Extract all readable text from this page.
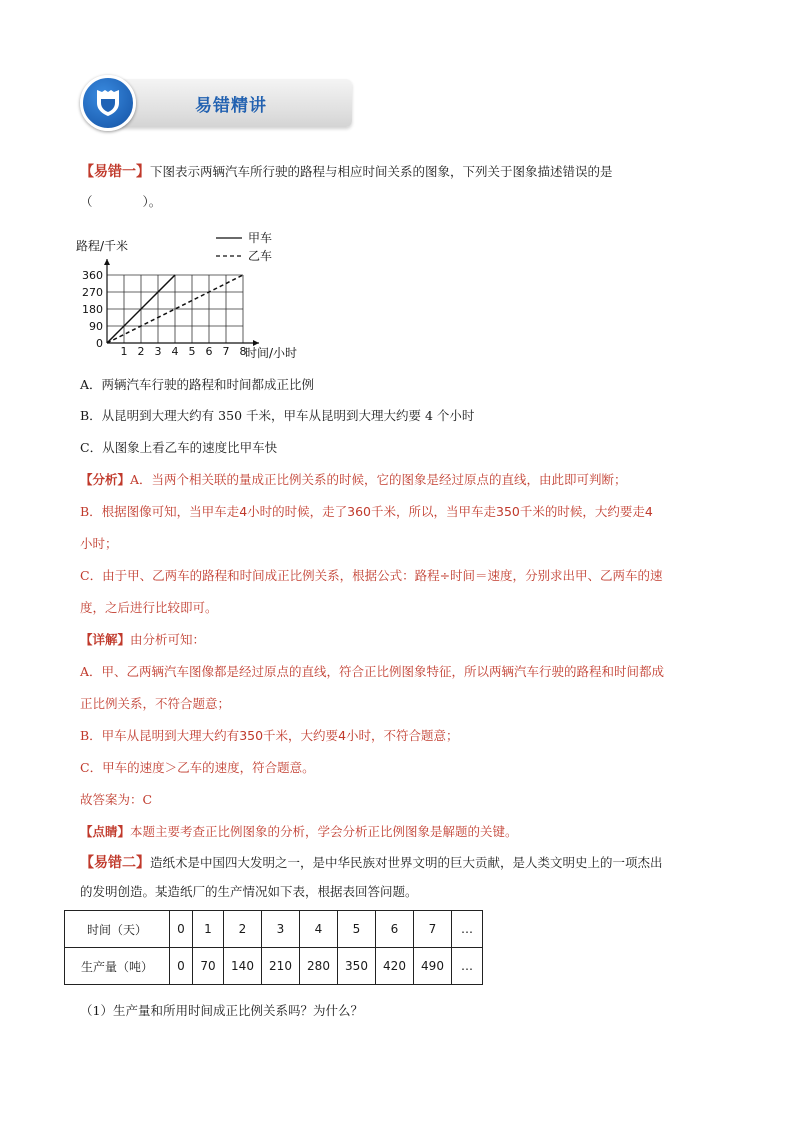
易错精讲
【易错一】下图表示两辆汽车所行驶的路程与相应时间关系的图象，下列关于图象描述错误的是
（　　　　）。
1 2 3 4 5 6 7 8
90
180
270
360
0
路程/千米
时间/小时
甲车
乙车
A．两辆汽车行驶的路程和时间都成正比例
B．从昆明到大理大约有 350 千米，甲车从昆明到大理大约要 4 个小时
C．从图象上看乙车的速度比甲车快
【分析】A．当两个相关联的量成正比例关系的时候，它的图象是经过原点的直线，由此即可判断；
B．根据图像可知，当甲车走4小时的时候，走了360千米，所以，当甲车走350千米的时候，大约要走4
小时；
C．由于甲、乙两车的路程和时间成正比例关系，根据公式：路程÷时间＝速度，分别求出甲、乙两车的速
度，之后进行比较即可。
【详解】由分析可知：
A．甲、乙两辆汽车图像都是经过原点的直线，符合正比例图象特征，所以两辆汽车行驶的路程和时间都成
正比例关系，不符合题意；
B．甲车从昆明到大理大约有350千米，大约要4小时，不符合题意；
C．甲车的速度＞乙车的速度，符合题意。
故答案为：C
【点睛】本题主要考查正比例图象的分析，学会分析正比例图象是解题的关键。
【易错二】造纸术是中国四大发明之一，是中华民族对世界文明的巨大贡献，是人类文明史上的一项杰出
的发明创造。某造纸厂的生产情况如下表，根据表回答问题。
时间（天）	0	1	2	3	4	5	6	7	…
生产量（吨）	0	70	140	210	280	350	420	490	…
（1）生产量和所用时间成正比例关系吗？为什么？
